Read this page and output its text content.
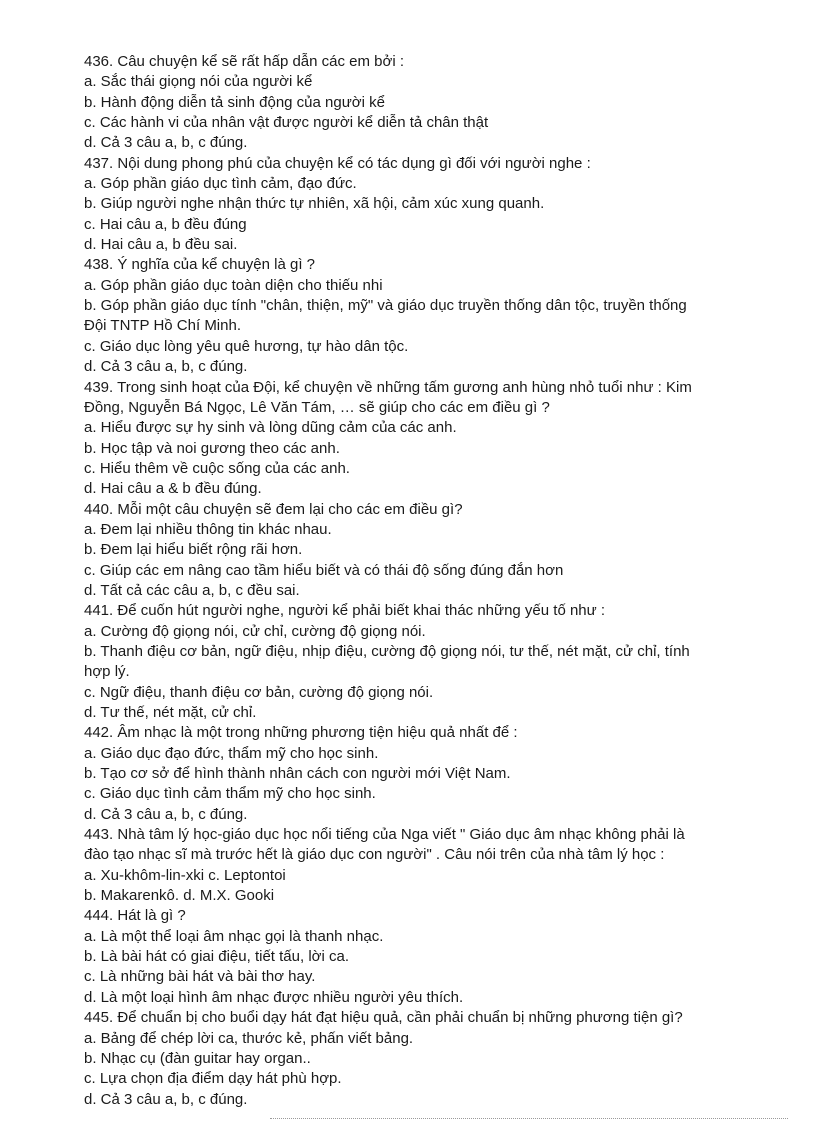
436. Câu chuyện kể sẽ rất hấp dẫn các em bởi :
a. Sắc thái giọng nói của người kể
b. Hành động diễn tả sinh động của người kể
c. Các hành vi của nhân vật được người kể diễn tả chân thật
d. Cả 3 câu a, b, c đúng.
437. Nội dung phong phú của chuyện kể có tác dụng gì đối với người nghe :
a. Góp phần giáo dục tình cảm, đạo đức.
b. Giúp người nghe nhận thức tự nhiên, xã hội, cảm xúc xung quanh.
c. Hai câu a, b đều đúng
d. Hai câu a, b đều sai.
438. Ý nghĩa của kể chuyện là gì ?
a. Góp phần giáo dục toàn diện cho thiếu nhi
b. Góp phần giáo dục tính "chân, thiện, mỹ" và giáo dục truyền thống dân tộc, truyền thống
Đội TNTP Hồ Chí Minh.
c. Giáo dục lòng yêu quê hương, tự hào dân tộc.
d. Cả 3 câu a, b, c đúng.
439. Trong sinh hoạt của Đội, kể chuyện về những tấm gương anh hùng nhỏ tuổi như : Kim
Đồng, Nguyễn Bá Ngọc, Lê Văn Tám, … sẽ giúp cho các em điều gì ?
a. Hiểu được sự hy sinh và lòng dũng cảm của các anh.
b. Học tập và noi gương theo các anh.
c. Hiểu thêm về cuộc sống của các anh.
d. Hai câu a & b đều đúng.
440. Mỗi một câu chuyện sẽ đem lại cho các em điều gì?
a. Đem lại nhiều thông tin khác nhau.
b. Đem lại hiểu biết rộng rãi hơn.
c. Giúp các em nâng cao tầm hiểu biết và có thái độ sống đúng đắn hơn
d. Tất cả các câu a, b, c đều sai.
441. Để cuốn hút người nghe, người kể phải biết khai thác những yếu tố như :
a. Cường độ giọng nói, cử chỉ, cường độ giọng nói.
b. Thanh điệu cơ bản, ngữ điệu, nhịp điệu, cường độ giọng nói, tư thế, nét mặt, cử chỉ, tính
hợp lý.
c. Ngữ điệu, thanh điệu cơ bản, cường độ giọng nói.
d. Tư thế, nét mặt, cử chỉ.
442. Âm nhạc là một trong những phương tiện hiệu quả nhất để :
a. Giáo dục đạo đức, thẩm mỹ cho học sinh.
b. Tạo cơ sở để hình thành nhân cách con người mới Việt Nam.
c. Giáo dục tình cảm thẩm mỹ cho học sinh.
d. Cả 3 câu a, b, c đúng.
443. Nhà tâm lý học-giáo dục học nổi tiếng của Nga viết " Giáo dục âm nhạc không phải là
đào tạo nhạc sĩ mà trước hết là giáo dục con người" . Câu nói trên của nhà tâm lý học :
a. Xu-khôm-lin-xki c. Leptontoi
b. Makarenkô. d. M.X. Gooki
444. Hát là gì ?
a. Là một thể loại âm nhạc gọi là thanh nhạc.
b. Là bài hát có giai điệu, tiết tấu, lời ca.
c. Là những bài hát và bài thơ hay.
d. Là một loại hình âm nhạc được nhiều người yêu thích.
445. Để chuẩn bị cho buổi dạy hát đạt hiệu quả, cần phải chuẩn bị những phương tiện gì?
a. Bảng để chép lời ca, thước kẻ, phấn viết bảng.
b. Nhạc cụ (đàn guitar hay organ..
c. Lựa chọn địa điểm dạy hát phù hợp.
d. Cả 3 câu a, b, c đúng.
